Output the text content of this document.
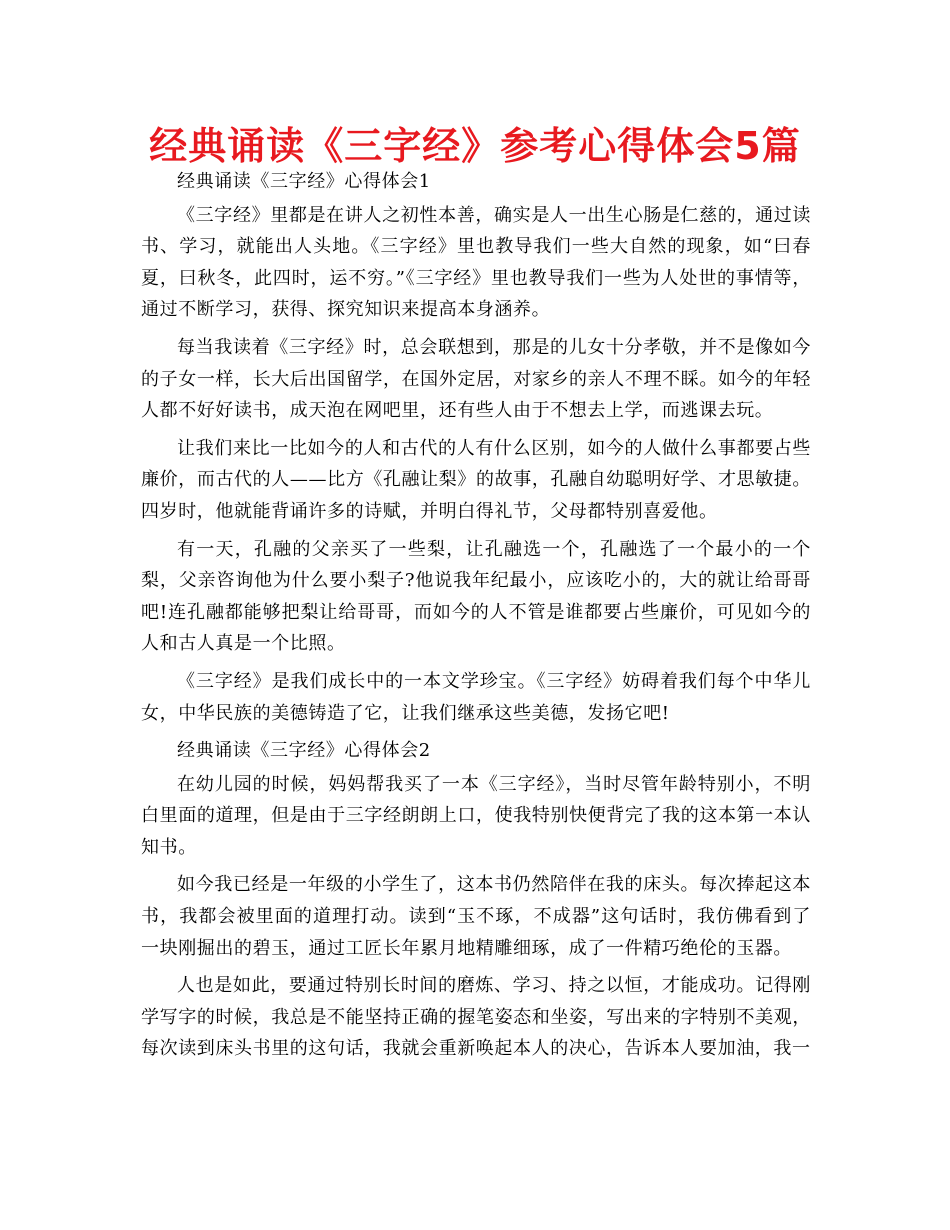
经典诵读《三字经》参考心得体会5篇

经典诵读《三字经》心得体会1

《三字经》里都是在讲人之初性本善，确实是人一出生心肠是仁慈的，通过读书、学习，就能出人头地。《三字经》里也教导我们一些大自然的现象，如“曰春夏，曰秋冬，此四时，运不穷。”《三字经》里也教导我们一些为人处世的事情等，通过不断学习，获得、探究知识来提高本身涵养。

每当我读着《三字经》时，总会联想到，那是的儿女十分孝敬，并不是像如今的子女一样，长大后出国留学，在国外定居，对家乡的亲人不理不睬。如今的年轻人都不好好读书，成天泡在网吧里，还有些人由于不想去上学，而逃课去玩。

让我们来比一比如今的人和古代的人有什么区别，如今的人做什么事都要占些廉价，而古代的人——比方《孔融让梨》的故事，孔融自幼聪明好学、才思敏捷。四岁时，他就能背诵许多的诗赋，并明白得礼节，父母都特别喜爱他。

有一天，孔融的父亲买了一些梨，让孔融选一个，孔融选了一个最小的一个梨，父亲咨询他为什么要小梨子?他说我年纪最小，应该吃小的，大的就让给哥哥吧!连孔融都能够把梨让给哥哥，而如今的人不管是谁都要占些廉价，可见如今的人和古人真是一个比照。

《三字经》是我们成长中的一本文学珍宝。《三字经》妨碍着我们每个中华儿女，中华民族的美德铸造了它，让我们继承这些美德，发扬它吧!

经典诵读《三字经》心得体会2

在幼儿园的时候，妈妈帮我买了一本《三字经》，当时尽管年龄特别小，不明白里面的道理，但是由于三字经朗朗上口，使我特别快便背完了我的这本第一本认知书。

如今我已经是一年级的小学生了，这本书仍然陪伴在我的床头。每次捧起这本书，我都会被里面的道理打动。读到“玉不琢，不成器”这句话时，我仿佛看到了一块刚掘出的碧玉，通过工匠长年累月地精雕细琢，成了一件精巧绝伦的玉器。

人也是如此，要通过特别长时间的磨炼、学习、持之以恒，才能成功。记得刚学写字的时候，我总是不能坚持正确的握笔姿态和坐姿，写出来的字特别不美观，每次读到床头书里的这句话，我就会重新唤起本人的决心，告诉本人要加油，我一
